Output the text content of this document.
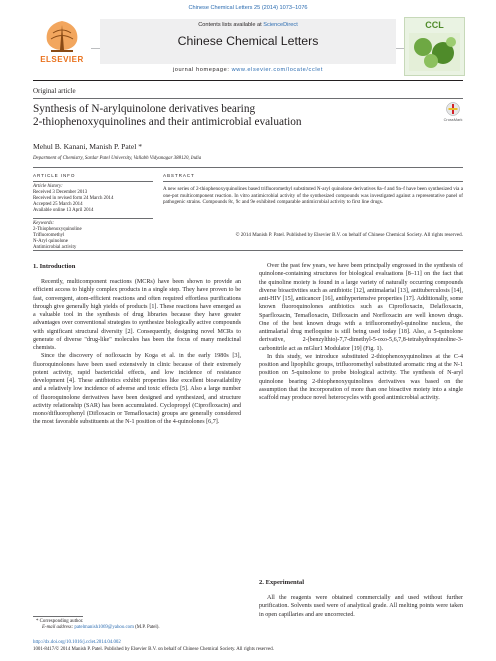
Chinese Chemical Letters 25 (2014) 1073–1076
ELSEVIER
Contents lists available at ScienceDirect
Chinese Chemical Letters
journal homepage: www.elsevier.com/locate/cclet
CCL
Original article
Synthesis of N-arylquinolone derivatives bearing
2-thiophenoxyquinolines and their antimicrobial evaluation	CrossMark
Mehul B. Kanani, Manish P. Patel *
Department of Chemistry, Sardar Patel University, Vallabh Vidyanagar 388120, India
ARTICLE INFO
Article history:
Received 3 December 2013
Received in revised form 24 March 2014
Accepted 25 March 2014
Available online 13 April 2014
Keywords:
2-Thiophenoxyquinoline
Trifluoromethyl
N-Aryl quinolone
Antimicrobial activity
ABSTRACT
A new series of 2-thiophenoxyquinolines based trifluoromethyl substituted N-aryl quinolone derivatives 8a–f and 9a–f have been synthesized via a one-pot multicomponent reaction. In vitro antimicrobial activity of the synthesized compounds was investigated against a representative panel of pathogenic strains. Compounds 8c, 9c and 9e exhibited comparable antimicrobial activity to first line drugs.
© 2014 Manish P. Patel. Published by Elsevier B.V. on behalf of Chinese Chemical Society. All rights reserved.
1. Introduction

Recently, multicomponent reactions (MCRs) have been shown to provide an efficient access to highly complex products in a single step. They have proven to be fast, convergent, atom-efficient reactions and often required effortless purifications through give generally high yields of products [1]. These reactions have emerged as a valuable tool in the synthesis of drug libraries because they have greater advantages over conventional strategies to synthesize biologically active compounds with significant structural diversity [2]. Consequently, designing novel MCRs to generate of diverse "drug-like" molecules has been the focus of many medicinal chemists.

Since the discovery of nofloxacin by Koga et al. in the early 1980s [3], fluoroquinolones have been used extensively in clinic because of their extremely potent activity, rapid bactericidal effects, and low incidence of resistance development [4]. These antibiotics exhibit properties like excellent bioavailability and a relatively low incidence of adverse and toxic effects [5]. Also a large number of fluoroquinolone derivatives have been designed and synthesized, and structure activity relationship (SAR) has been accumulated. Cyclopropyl (Ciprofloxacin) and mono/difluorophenyl (Difloxacin or Temafloxacin) groups are generally considered the most favorable substituents at the N-1 position of the 4-quinolones [6,7].

Over the past few years, we have been principally engrossed in the synthesis of quinolone-containing structures for biological evaluations [8–11] on the fact that the quinoline moiety is found in a large variety of naturally occurring compounds diverse bioactivities such as antibiotic [12], antimalarial [13], antituberculosis [14], anti-HIV [15], anticancer [16], antihypertensive properties [17]. Additionally, some known fluoroquinolones antibiotics such as Ciprofloxacin, Delafloxacin, Sparfloxacin, Temafloxacin, Difloxacin and Norfloxacin are well known drugs. One of the best known drugs with a trifluoromethyl-quinoline nucleus, the antimalarial drug mefloquine is still being used today [18]. Also, a 5-quinolone derivative, 2-(benzylthio)-7,7-dimethyl-5-oxo-5,6,7,8-tetrahydroquinoline-3-carbonitrile act as mGlur1 Modulator [19] (Fig. 1).

In this study, we introduce substituted 2-thiophenoxyquinolines at the C-4 position and lipophilic groups, trifluoromethyl substituted aromatic ring at the N-1 position on 5-quinolone to probe biological activity. The synthesis of N-aryl quinolone bearing 2-thiophenoxyquinolines derivatives was based on the assumption that the incorporation of more than one bioactive moiety into a single scaffold may produce novel heterocycles with good antimicrobial activity.

2. Experimental

All the reagents were obtained commercially and used without further purification. Solvents used were of analytical grade. All melting points were taken in open capillaries and are uncorrected.

* Corresponding author.
E-mail address: patelmanish1069@yahoo.com (M.P. Patel).
http://dx.doi.org/10.1016/j.cclet.2014.04.002
1001-8417/© 2014 Manish P. Patel. Published by Elsevier B.V. on behalf of Chinese Chemical Society. All rights reserved.
